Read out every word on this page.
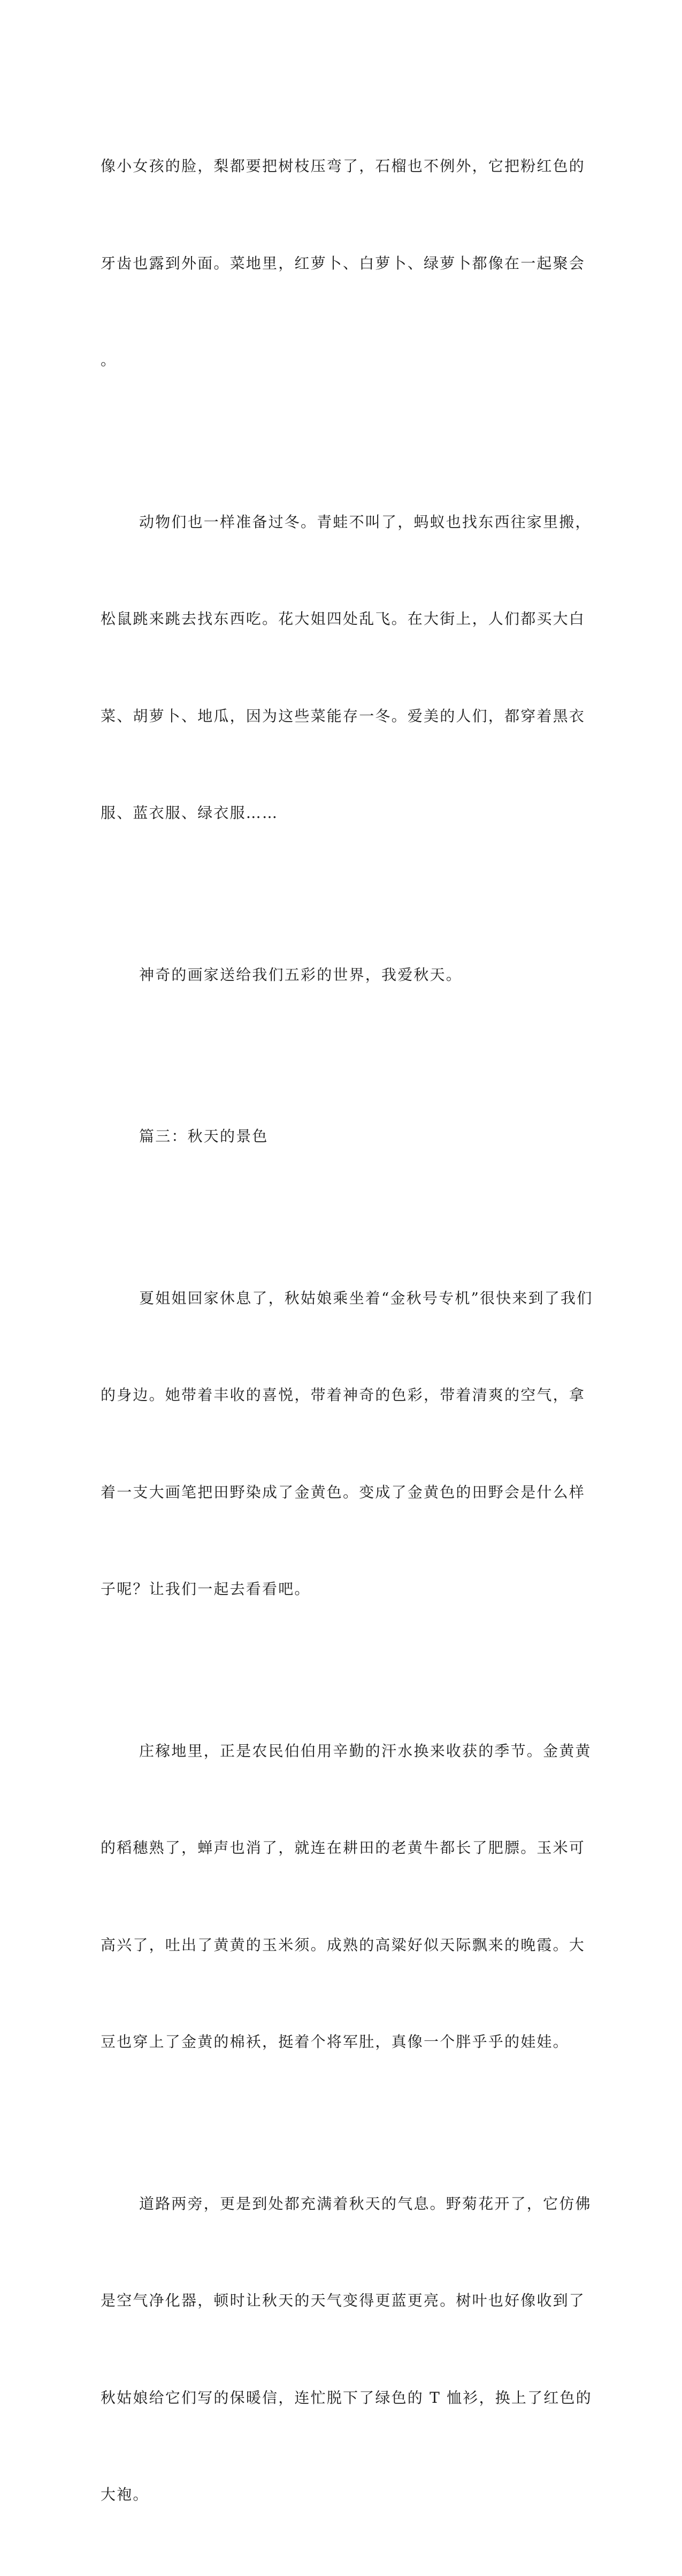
像小女孩的脸，梨都要把树枝压弯了，石榴也不例外，它把粉红色的

牙齿也露到外面。菜地里，红萝卜、白萝卜、绿萝卜都像在一起聚会

。

动物们也一样准备过冬。青蛙不叫了，蚂蚁也找东西往家里搬，

松鼠跳来跳去找东西吃。花大姐四处乱飞。在大街上，人们都买大白

菜、胡萝卜、地瓜，因为这些菜能存一冬。爱美的人们，都穿着黑衣

服、蓝衣服、绿衣服……

神奇的画家送给我们五彩的世界，我爱秋天。

篇三：秋天的景色

夏姐姐回家休息了，秋姑娘乘坐着“金秋号专机”很快来到了我们

的身边。她带着丰收的喜悦，带着神奇的色彩，带着清爽的空气，拿

着一支大画笔把田野染成了金黄色。变成了金黄色的田野会是什么样

子呢？让我们一起去看看吧。

庄稼地里，正是农民伯伯用辛勤的汗水换来收获的季节。金黄黄

的稻穗熟了，蝉声也消了，就连在耕田的老黄牛都长了肥膘。玉米可

高兴了，吐出了黄黄的玉米须。成熟的高粱好似天际飘来的晚霞。大

豆也穿上了金黄的棉袄，挺着个将军肚，真像一个胖乎乎的娃娃。

道路两旁，更是到处都充满着秋天的气息。野菊花开了，它仿佛

是空气净化器，顿时让秋天的天气变得更蓝更亮。树叶也好像收到了

秋姑娘给它们写的保暖信，连忙脱下了绿色的 T 恤衫，换上了红色的

大袍。
